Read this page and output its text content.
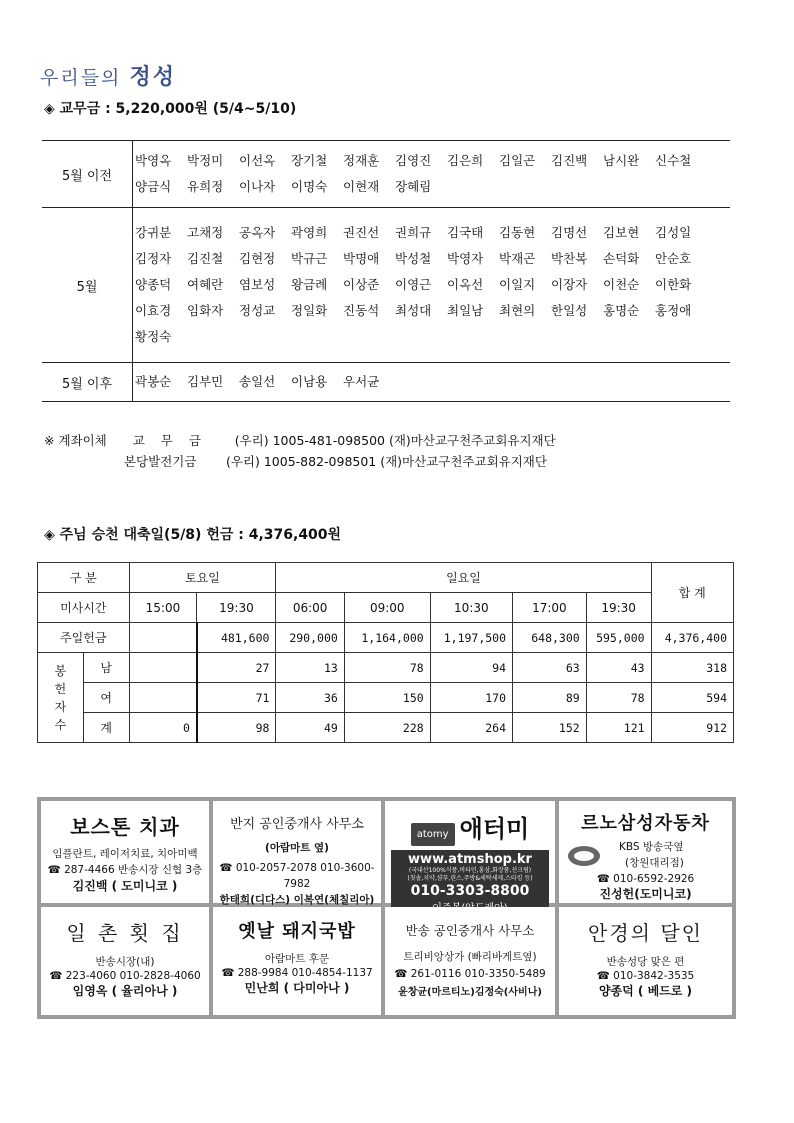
우리들의 정성
◈ 교무금 : 5,220,000원 (5/4~5/10)
5월 이전	박영옥 박정미 이선옥 장기철 정재훈 김영진 김은희 김일곤 김진백 남시완 신수철양금식 유희정 이나자 이명숙 이현재 장혜림
5월	강귀분 고채정 공옥자 곽영희 권진선 권희규 김국태 김동현 김명선 김보현 김성일김정자 김진철 김현정 박규근 박명애 박성철 박영자 박재곤 박찬복 손덕화 안순호양종덕 여혜란 염보성 왕금례 이상준 이영근 이옥선 이일지 이장자 이천순 이한화이효경 임화자 정성교 정일화 진동석 최성대 최일남 최현의 한일성 홍명순 홍정애황정숙
5월 이후	곽봉순 김부민 송일선 이남용 우서균
※ 계좌이체 교 무 금 (우리) 1005-481-098500 (재)마산교구천주교회유지재단
본당발전기금 (우리) 1005-882-098501 (재)마산교구천주교회유지재단
◈ 주님 승천 대축일(5/8) 헌금 : 4,376,400원
구 분		토요일		일요일					합 계
미사시간		15:00	19:30	06:00	09:00	10:30	17:00	19:30	
주일헌금			481,600	290,000	1,164,000	1,197,500	648,300	595,000	4,376,400
봉
헌
자
수	남		27	13	78	94	63	43	318
	여		71	36	150	170	89	78	594
	계	0	98	49	228	264	152	121	912
보스톤 치과
임플란트, 레이저치료, 치아미백
☎ 287-4466 반송시장 신협 3층
김진백 ( 도미니코 )
반지 공인중개사 사무소
(아람마트 옆)
☎ 010-2057-2078 010-3600-7982
한태희(디다스) 이복연(체칠리아)
atomy 애터미
www.atmshop.kr
(국내산100%식품,비타민,홍삼,화장품,선크림)
(칫솔,치약,샴푸,린스,주방&세탁세제,스타킹 등)
010-3303-8800
르노삼성자동차
KBS 방송국옆
(창원대리점)
☎ 010-6592-2926
진성헌(도미니코)
일 촌 횟 집
반송시장(내)
☎ 223-4060 010-2828-4060
임영옥 ( 율리아나 )
옛날 돼지국밥
아람마트 후문
☎ 288-9984 010-4854-1137
민난희 ( 다미아나 )
반송 공인중개사 사무소
트리비앙상가 (빠리바게트옆)
☎ 261-0116 010-3350-5489
윤창균(마르티노)김정숙(사비나)
안경의 달인
반송성당 맞은 편
☎ 010-3842-3535
양종덕 ( 베드로 )
